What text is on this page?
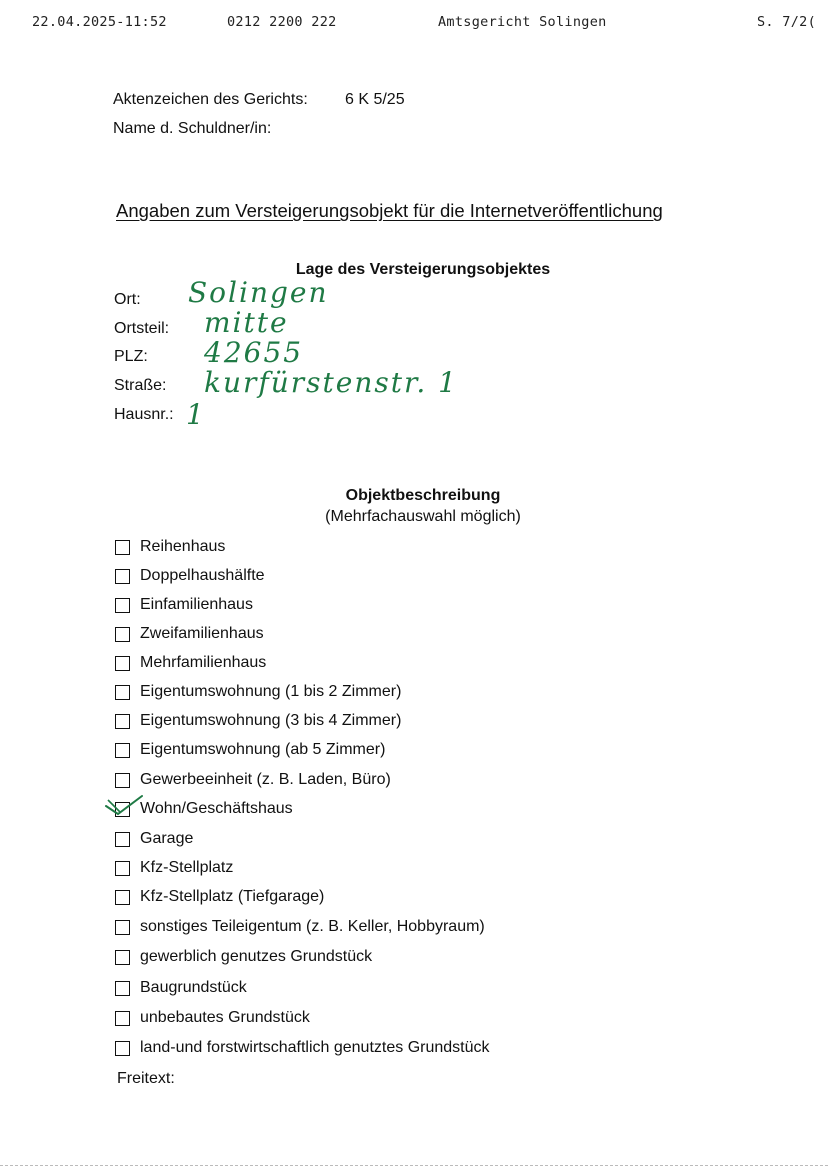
22.04.2025-11:52	0212 2200 222	Amtsgericht Solingen	S. 7/2(
Aktenzeichen des Gerichts: 6 K 5/25
Name d. Schuldner/in:
Angaben zum Versteigerungsobjekt für die Internetveröffentlichung
Lage des Versteigerungsobjektes
Ort: Solingen
Ortsteil: mitte
PLZ: 42655
Straße: kurfürstenstr. 1
Hausnr.: 1
Objektbeschreibung
(Mehrfachauswahl möglich)
Reihenhaus
Doppelhaushälfte
Einfamilienhaus
Zweifamilienhaus
Mehrfamilienhaus
Eigentumswohnung (1 bis 2 Zimmer)
Eigentumswohnung (3 bis 4 Zimmer)
Eigentumswohnung (ab 5 Zimmer)
Gewerbeeinheit (z. B. Laden, Büro)
Wohn/Geschäftshaus
Garage
Kfz-Stellplatz
Kfz-Stellplatz (Tiefgarage)
sonstiges Teileigentum (z. B. Keller, Hobbyraum)
gewerblich genutzes Grundstück
Baugrundstück
unbebautes Grundstück
land-und forstwirtschaftlich genutztes Grundstück
Freitext:
